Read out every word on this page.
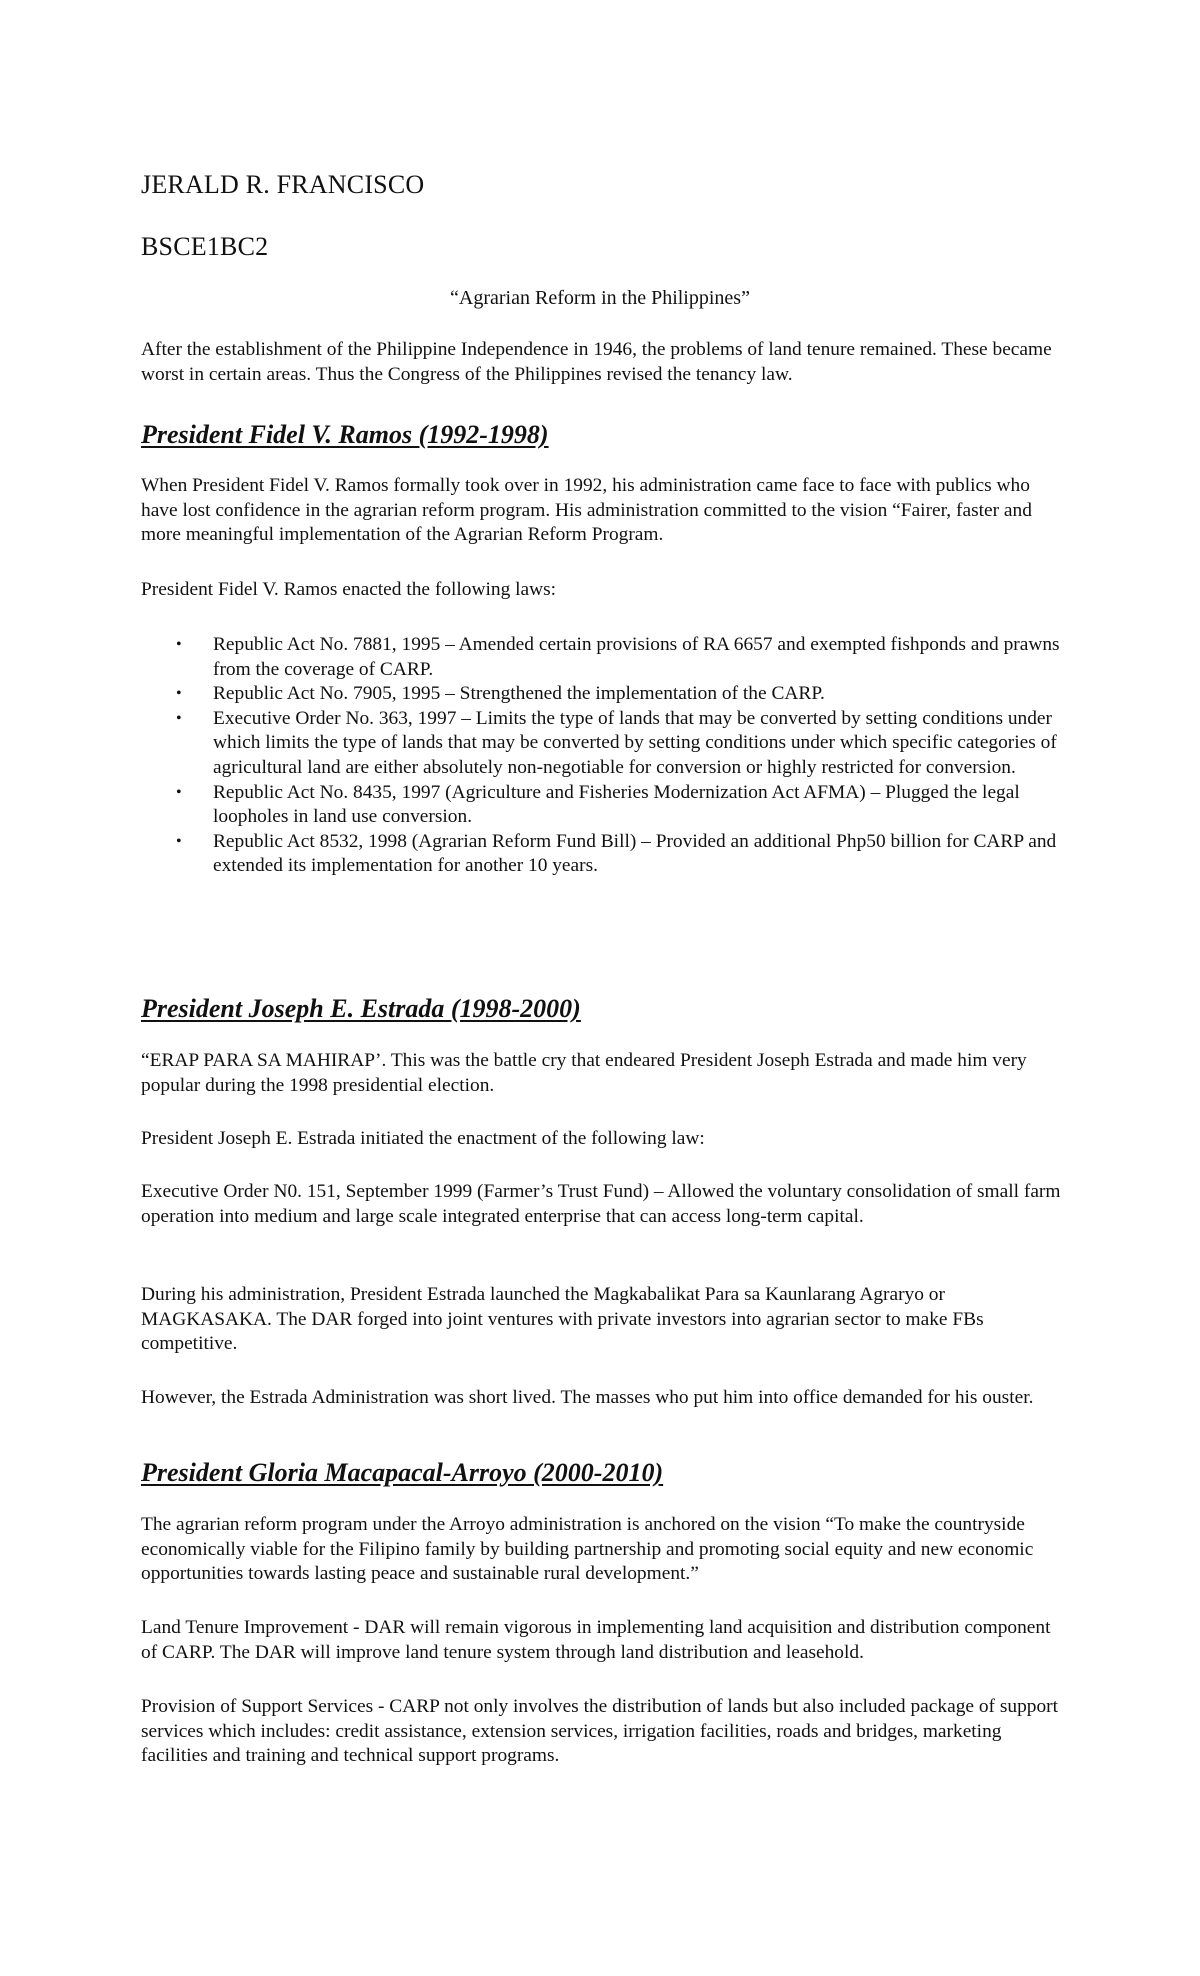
JERALD R. FRANCISCO

BSCE1BC2

“Agrarian Reform in the Philippines”

After the establishment of the Philippine Independence in 1946, the problems of land tenure remained. These became worst in certain areas. Thus the Congress of the Philippines revised the tenancy law.

President Fidel V. Ramos (1992-1998)

When President Fidel V. Ramos formally took over in 1992, his administration came face to face with publics who have lost confidence in the agrarian reform program. His administration committed to the vision “Fairer, faster and more meaningful implementation of the Agrarian Reform Program.

President Fidel V. Ramos enacted the following laws:

• Republic Act No. 7881, 1995 – Amended certain provisions of RA 6657 and exempted fishponds and prawns from the coverage of CARP.
• Republic Act No. 7905, 1995 – Strengthened the implementation of the CARP.
• Executive Order No. 363, 1997 – Limits the type of lands that may be converted by setting conditions under which limits the type of lands that may be converted by setting conditions under which specific categories of agricultural land are either absolutely non-negotiable for conversion or highly restricted for conversion.
• Republic Act No. 8435, 1997 (Agriculture and Fisheries Modernization Act AFMA) – Plugged the legal loopholes in land use conversion.
• Republic Act 8532, 1998 (Agrarian Reform Fund Bill) – Provided an additional Php50 billion for CARP and extended its implementation for another 10 years.
President Joseph E. Estrada (1998-2000)

“ERAP PARA SA MAHIRAP’. This was the battle cry that endeared President Joseph Estrada and made him very popular during the 1998 presidential election.

President Joseph E. Estrada initiated the enactment of the following law:

Executive Order N0. 151, September 1999 (Farmer’s Trust Fund) – Allowed the voluntary consolidation of small farm operation into medium and large scale integrated enterprise that can access long-term capital.

During his administration, President Estrada launched the Magkabalikat Para sa Kaunlarang Agraryo or MAGKASAKA. The DAR forged into joint ventures with private investors into agrarian sector to make FBs competitive.

However, the Estrada Administration was short lived. The masses who put him into office demanded for his ouster.

President Gloria Macapacal-Arroyo (2000-2010)

The agrarian reform program under the Arroyo administration is anchored on the vision “To make the countryside economically viable for the Filipino family by building partnership and promoting social equity and new economic opportunities towards lasting peace and sustainable rural development.”

Land Tenure Improvement - DAR will remain vigorous in implementing land acquisition and distribution component of CARP. The DAR will improve land tenure system through land distribution and leasehold.

Provision of Support Services - CARP not only involves the distribution of lands but also included package of support services which includes: credit assistance, extension services, irrigation facilities, roads and bridges, marketing facilities and training and technical support programs.
